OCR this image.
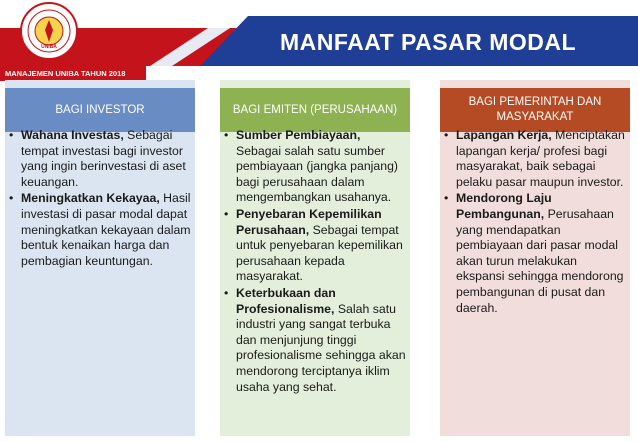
MANFAAT PASAR MODAL
UNIBA
MANAJEMEN UNIBA TAHUN 2018
BAGI INVESTOR
• Wahana Investas, Sebagai tempat investasi bagi investor yang ingin berinvestasi di aset keuangan.
• Meningkatkan Kekayaa, Hasil investasi di pasar modal dapat meningkatkan kekayaan dalam bentuk kenaikan harga dan pembagian keuntungan.
BAGI EMITEN (PERUSAHAAN)
• Sumber Pembiayaan, Sebagai salah satu sumber pembiayaan (jangka panjang) bagi perusahaan dalam mengembangkan usahanya.
• Penyebaran Kepemilikan Perusahaan, Sebagai tempat untuk penyebaran kepemilikan perusahaan kepada masyarakat.
• Keterbukaan dan Profesionalisme, Salah satu industri yang sangat terbuka dan menjunjung tinggi profesionalisme sehingga akan mendorong terciptanya iklim usaha yang sehat.
BAGI PEMERINTAH DAN MASYARAKAT
• Lapangan Kerja, Menciptakan lapangan kerja/ profesi bagi masyarakat, baik sebagai pelaku pasar maupun investor.
• Mendorong Laju Pembangunan, Perusahaan yang mendapatkan pembiayaan dari pasar modal akan turun melakukan ekspansi sehingga mendorong pembangunan di pusat dan daerah.
